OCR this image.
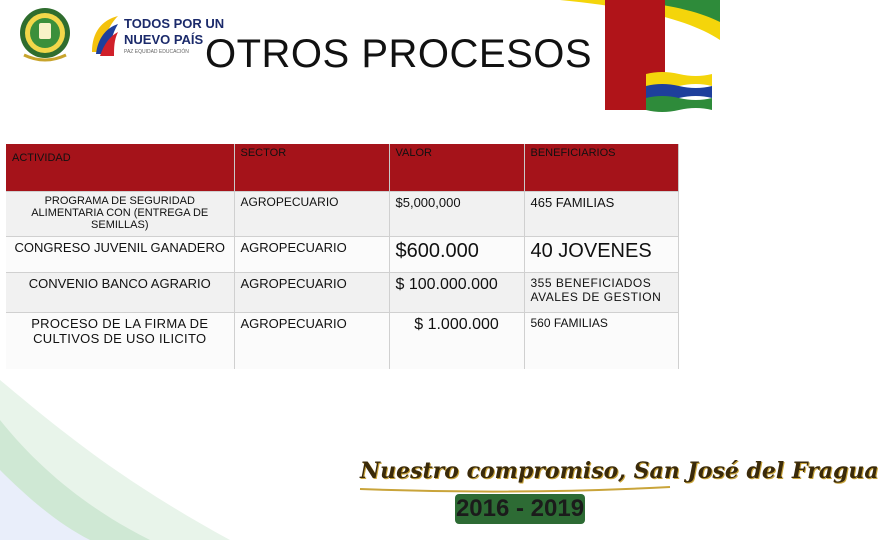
TODOS POR UN
NUEVO PAÍS
PAZ EQUIDAD EDUCACIÓN OTROS PROCESOS
ACTIVIDAD	SECTOR	VALOR	BENEFICIARIOS
PROGRAMA DE SEGURIDAD ALIMENTARIA CON (ENTREGA DE SEMILLAS)	AGROPECUARIO	$5,000,000	465 FAMILIAS
CONGRESO JUVENIL GANADERO	AGROPECUARIO	$600.000	40 JOVENES
CONVENIO BANCO AGRARIO	AGROPECUARIO	$ 100.000.000	355 BENEFICIADOS AVALES DE GESTION
PROCESO DE LA FIRMA DE CULTIVOS DE USO ILICITO	AGROPECUARIO	$ 1.000.000	560 FAMILIAS
Nuestro compromiso, San José del Fragua
2016 - 2019
